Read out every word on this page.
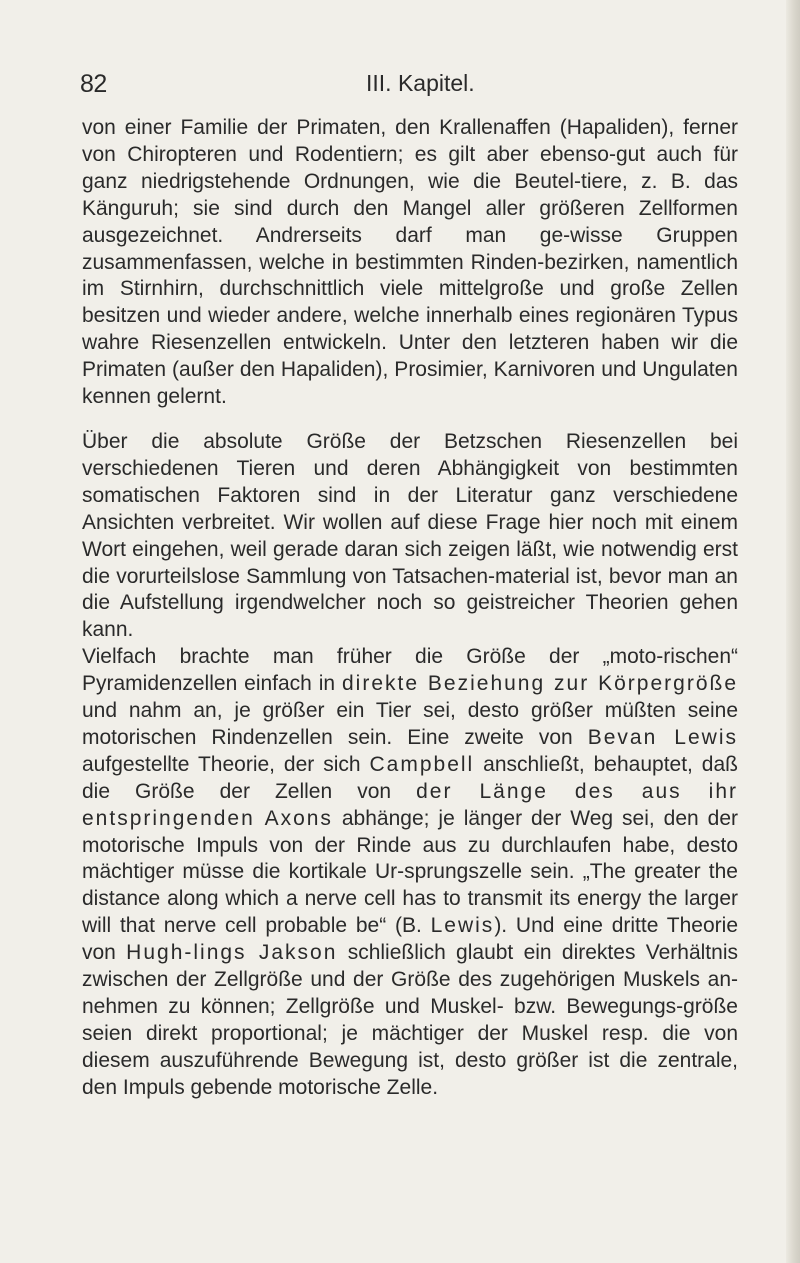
82	III. Kapitel.

von einer Familie der Primaten, den Krallenaffen (Hapaliden), ferner von Chiropteren und Rodentiern; es gilt aber ebenso-gut auch für ganz niedrigstehende Ordnungen, wie die Beutel-tiere, z. B. das Känguruh; sie sind durch den Mangel aller größeren Zellformen ausgezeichnet. Andrerseits darf man ge-wisse Gruppen zusammenfassen, welche in bestimmten Rinden-bezirken, namentlich im Stirnhirn, durchschnittlich viele mittelgroße und große Zellen besitzen und wieder andere, welche innerhalb eines regionären Typus wahre Riesenzellen entwickeln. Unter den letzteren haben wir die Primaten (außer den Hapaliden), Prosimier, Karnivoren und Ungulaten kennen gelernt.

Über die absolute Größe der Betzschen Riesenzellen bei verschiedenen Tieren und deren Abhängigkeit von bestimmten somatischen Faktoren sind in der Literatur ganz verschiedene Ansichten verbreitet. Wir wollen auf diese Frage hier noch mit einem Wort eingehen, weil gerade daran sich zeigen läßt, wie notwendig erst die vorurteilslose Sammlung von Tatsachen-material ist, bevor man an die Aufstellung irgendwelcher noch so geistreicher Theorien gehen kann.

Vielfach brachte man früher die Größe der „moto-rischen“ Pyramidenzellen einfach in direkte Beziehung zur Körpergröße und nahm an, je größer ein Tier sei, desto größer müßten seine motorischen Rindenzellen sein. Eine zweite von Bevan Lewis aufgestellte Theorie, der sich Campbell anschließt, behauptet, daß die Größe der Zellen von der Länge des aus ihr entspringenden Axons abhänge; je länger der Weg sei, den der motorische Impuls von der Rinde aus zu durchlaufen habe, desto mächtiger müsse die kortikale Ur-sprungszelle sein. „The greater the distance along which a nerve cell has to transmit its energy the larger will that nerve cell probable be“ (B. Lewis). Und eine dritte Theorie von Hugh-lings Jakson schließlich glaubt ein direktes Verhältnis zwischen der Zellgröße und der Größe des zugehörigen Muskels an-nehmen zu können; Zellgröße und Muskel- bzw. Bewegungs-größe seien direkt proportional; je mächtiger der Muskel resp. die von diesem auszuführende Bewegung ist, desto größer ist die zentrale, den Impuls gebende motorische Zelle.
